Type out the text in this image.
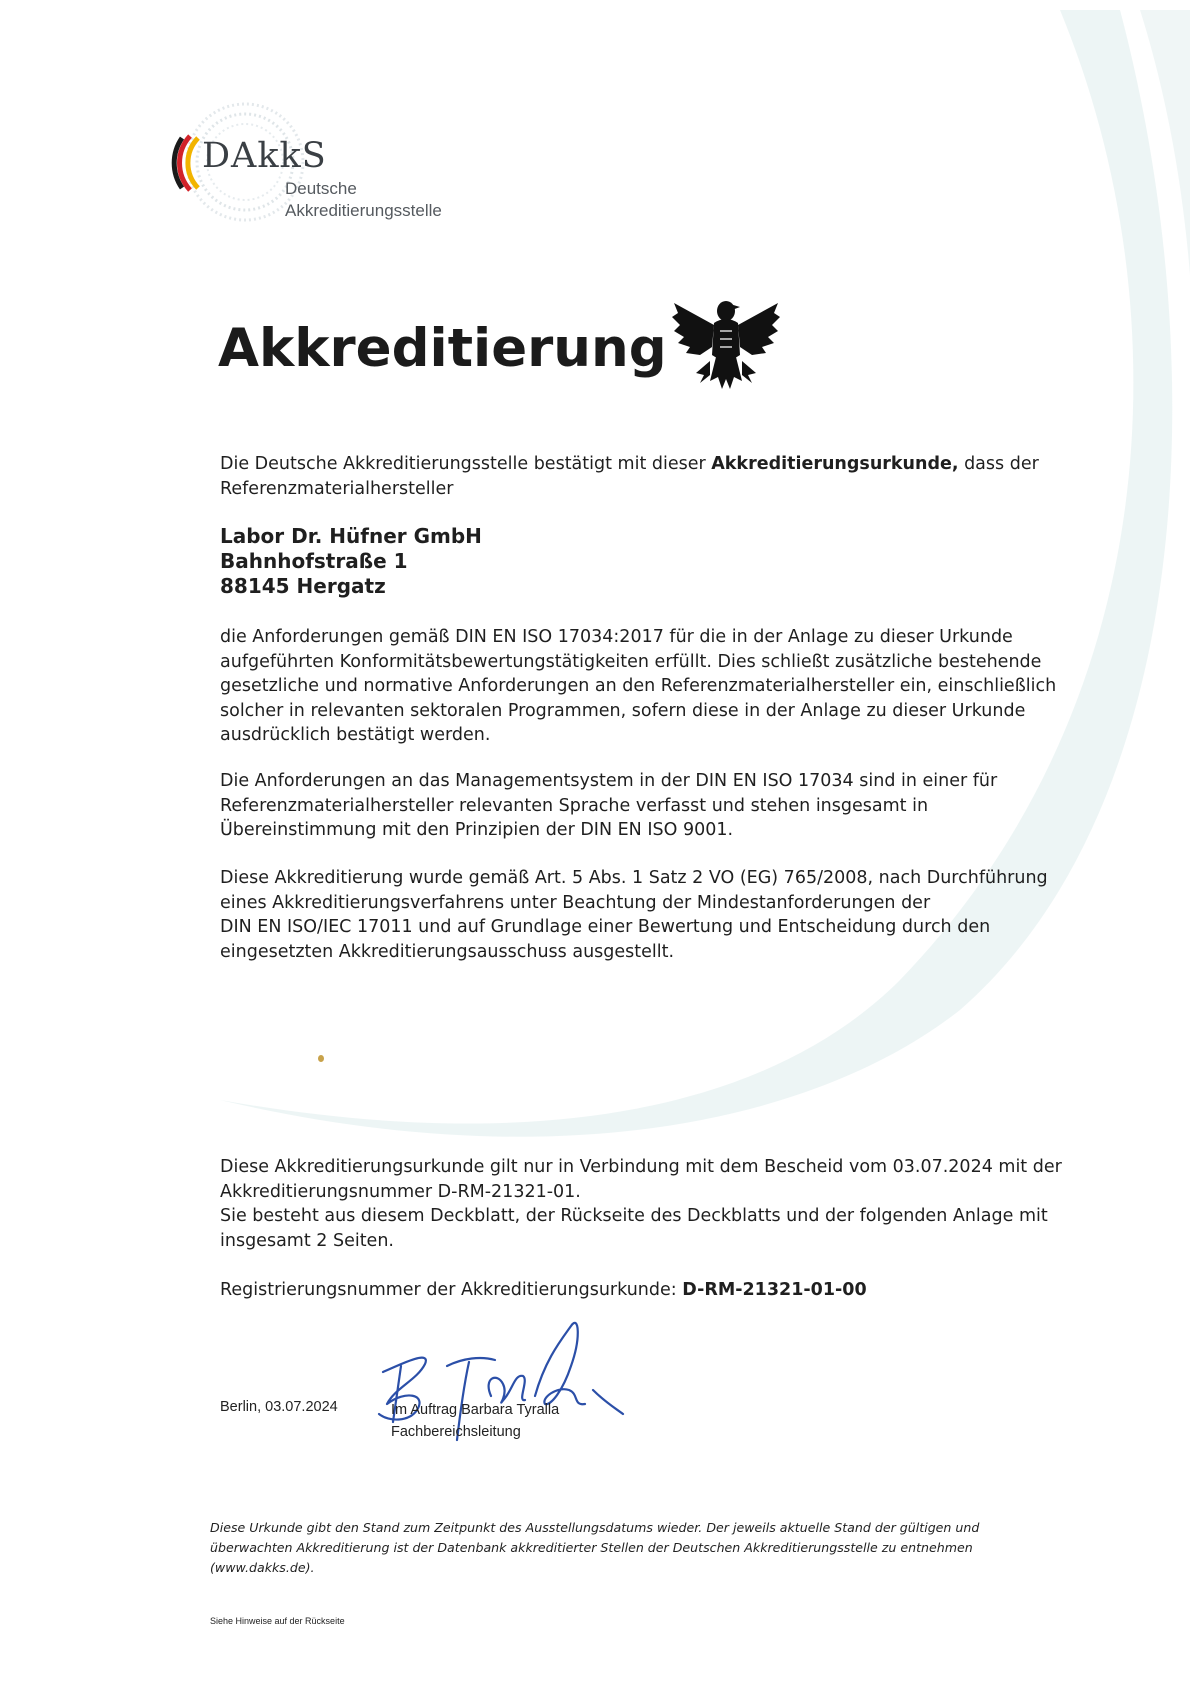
DAkkS
Deutsche
Akkreditierungsstelle
Akkreditierung
Die Deutsche Akkreditierungsstelle bestätigt mit dieser Akkreditierungsurkunde, dass der
Referenzmaterialhersteller
Labor Dr. Hüfner GmbH
Bahnhofstraße 1
88145 Hergatz
die Anforderungen gemäß DIN EN ISO 17034:2017 für die in der Anlage zu dieser Urkunde
aufgeführten Konformitätsbewertungstätigkeiten erfüllt. Dies schließt zusätzliche bestehende
gesetzliche und normative Anforderungen an den Referenzmaterialhersteller ein, einschließlich
solcher in relevanten sektoralen Programmen, sofern diese in der Anlage zu dieser Urkunde
ausdrücklich bestätigt werden.
Die Anforderungen an das Managementsystem in der DIN EN ISO 17034 sind in einer für
Referenzmaterialhersteller relevanten Sprache verfasst und stehen insgesamt in
Übereinstimmung mit den Prinzipien der DIN EN ISO 9001.
Diese Akkreditierung wurde gemäß Art. 5 Abs. 1 Satz 2 VO (EG) 765/2008, nach Durchführung
eines Akkreditierungsverfahrens unter Beachtung der Mindestanforderungen der
DIN EN ISO/IEC 17011 und auf Grundlage einer Bewertung und Entscheidung durch den
eingesetzten Akkreditierungsausschuss ausgestellt.
Diese Akkreditierungsurkunde gilt nur in Verbindung mit dem Bescheid vom 03.07.2024 mit der
Akkreditierungsnummer D-RM-21321-01.
Sie besteht aus diesem Deckblatt, der Rückseite des Deckblatts und der folgenden Anlage mit
insgesamt 2 Seiten.
Registrierungsnummer der Akkreditierungsurkunde: D-RM-21321-01-00
Berlin, 03.07.2024	Im Auftrag Barbara Tyralla
Fachbereichsleitung
Diese Urkunde gibt den Stand zum Zeitpunkt des Ausstellungsdatums wieder. Der jeweils aktuelle Stand der gültigen und
überwachten Akkreditierung ist der Datenbank akkreditierter Stellen der Deutschen Akkreditierungsstelle zu entnehmen
(www.dakks.de).
Siehe Hinweise auf der Rückseite
